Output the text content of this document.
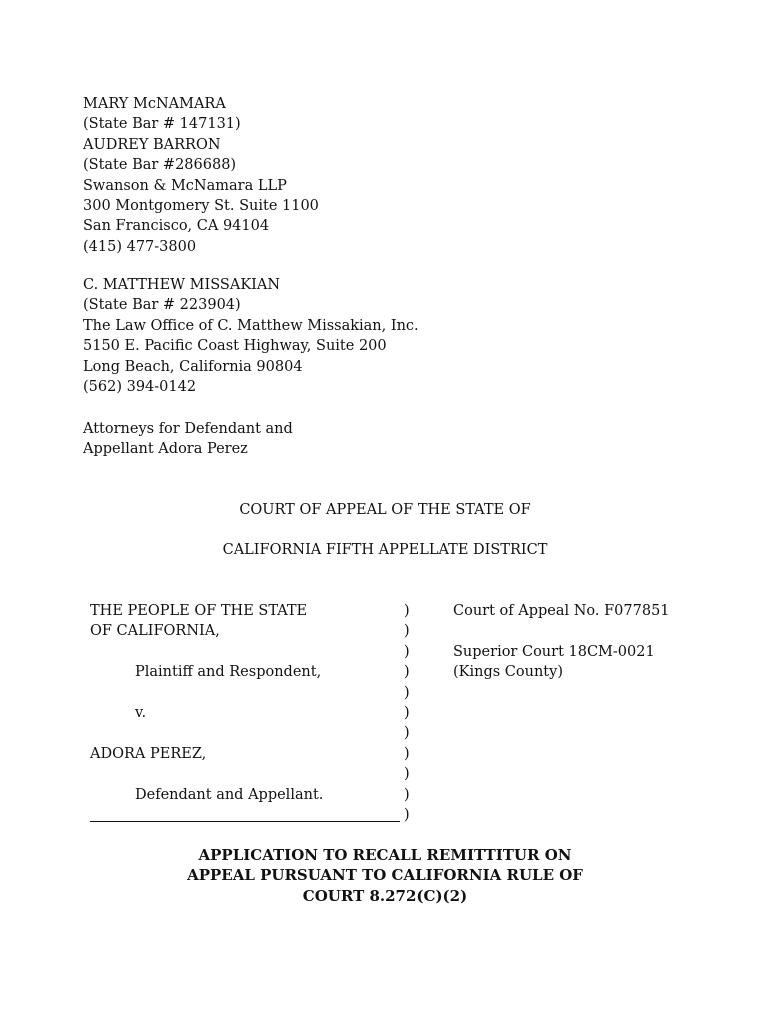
MARY McNAMARA
(State Bar # 147131)
AUDREY BARRON
(State Bar #286688)
Swanson & McNamara LLP
300 Montgomery St. Suite 1100
San Francisco, CA 94104
(415) 477-3800
C. MATTHEW MISSAKIAN
(State Bar # 223904)
The Law Office of C. Matthew Missakian, Inc.
5150 E. Pacific Coast Highway, Suite 200
Long Beach, California 90804
(562) 394-0142
Attorneys for Defendant and
Appellant Adora Perez
COURT OF APPEAL OF THE STATE OF
CALIFORNIA FIFTH APPELLATE DISTRICT
THE PEOPLE OF THE STATE
OF CALIFORNIA,
Plaintiff and Respondent,
v.
ADORA PEREZ,
Defendant and Appellant.
)
)
)
)
)
)
)
)
)
)
)
Court of Appeal No. F077851
Superior Court 18CM-0021
(Kings County)
APPLICATION TO RECALL REMITTITUR ON
APPEAL PURSUANT TO CALIFORNIA RULE OF
COURT 8.272(C)(2)
